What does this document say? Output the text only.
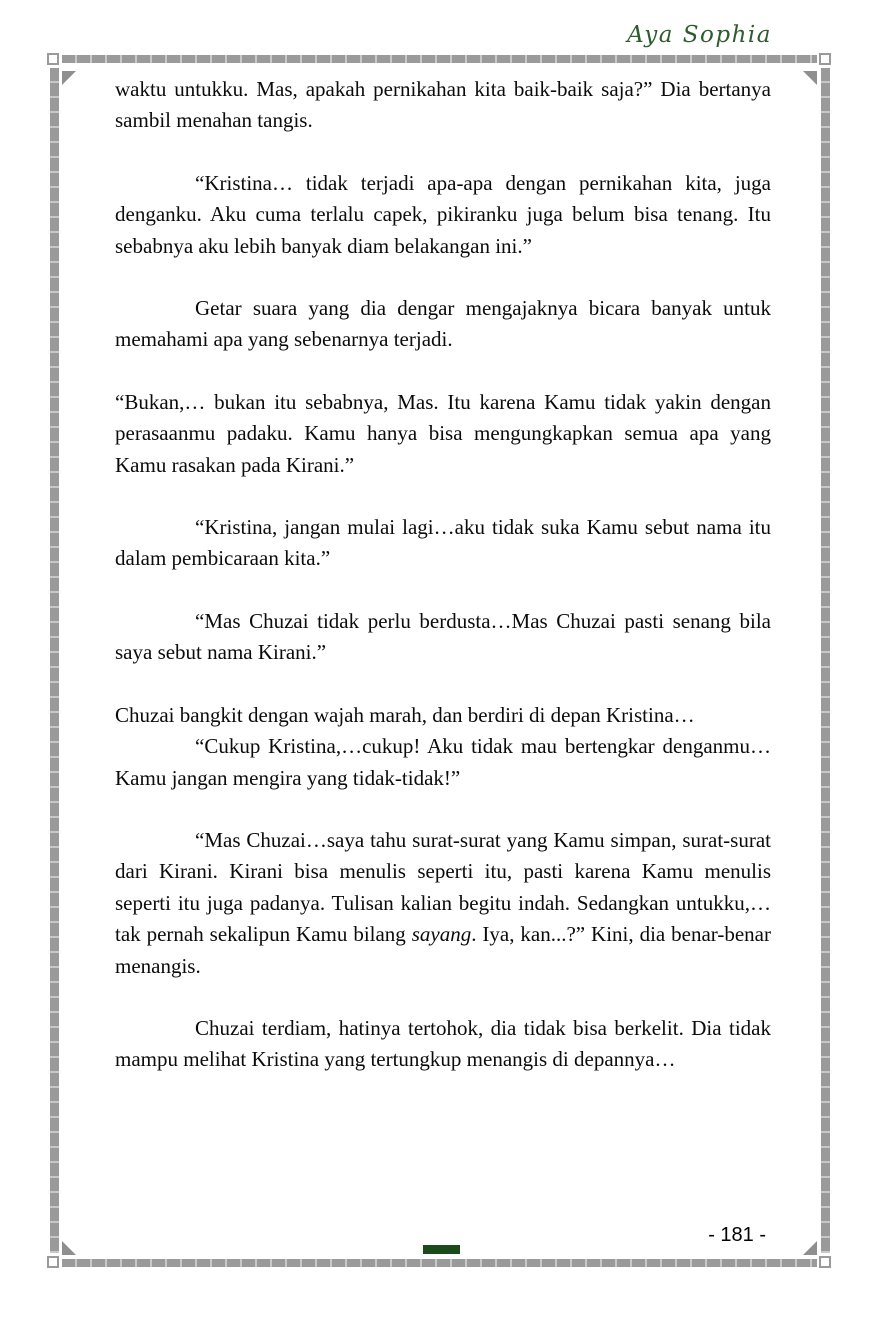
Aya Sophia

waktu untukku. Mas, apakah pernikahan kita baik-baik saja?” Dia bertanya sambil menahan tangis.

“Kristina… tidak terjadi apa-apa dengan pernikahan kita, juga denganku. Aku cuma terlalu capek, pikiranku juga belum bisa tenang. Itu sebabnya aku lebih banyak diam belakangan ini.”

Getar suara yang dia dengar mengajaknya bicara banyak untuk memahami apa yang sebenarnya terjadi.

“Bukan,… bukan itu sebabnya, Mas. Itu karena Kamu tidak yakin dengan perasaanmu padaku. Kamu hanya bisa mengungkapkan semua apa yang Kamu rasakan pada Kirani.”

“Kristina, jangan mulai lagi…aku tidak suka Kamu sebut nama itu dalam pembicaraan kita.”

“Mas Chuzai tidak perlu berdusta…Mas Chuzai pasti senang bila saya sebut nama Kirani.”

Chuzai bangkit dengan wajah marah, dan berdiri di depan Kristina…

“Cukup Kristina,…cukup! Aku tidak mau bertengkar denganmu…Kamu jangan mengira yang tidak-tidak!”

“Mas Chuzai…saya tahu surat-surat yang Kamu simpan, surat-surat dari Kirani. Kirani bisa menulis seperti itu, pasti karena Kamu menulis seperti itu juga padanya. Tulisan kalian begitu indah. Sedangkan untukku,… tak pernah sekalipun Kamu bilang sayang. Iya, kan...?” Kini, dia benar-benar menangis.

Chuzai terdiam, hatinya tertohok, dia tidak bisa berkelit. Dia tidak mampu melihat Kristina yang tertungkup menangis di depannya…

- 181 -
